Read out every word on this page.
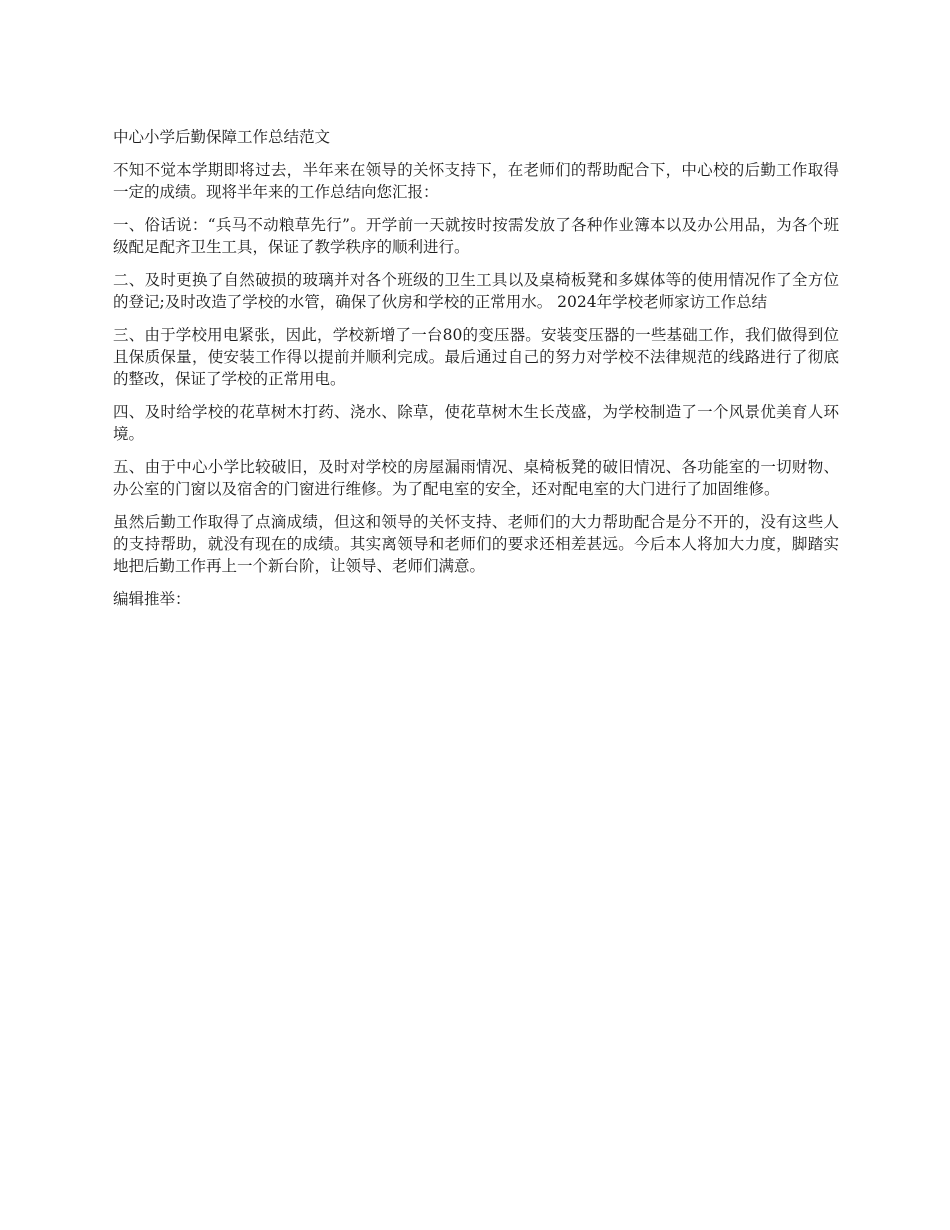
中心小学后勤保障工作总结范文

不知不觉本学期即将过去，半年来在领导的关怀支持下，在老师们的帮助配合下，中心校的后勤工作取得一定的成绩。现将半年来的工作总结向您汇报：

一、俗话说：“兵马不动粮草先行”。开学前一天就按时按需发放了各种作业簿本以及办公用品，为各个班级配足配齐卫生工具，保证了教学秩序的顺利进行。

二、及时更换了自然破损的玻璃并对各个班级的卫生工具以及桌椅板凳和多媒体等的使用情况作了全方位的登记;及时改造了学校的水管，确保了伙房和学校的正常用水。 2024年学校老师家访工作总结

三、由于学校用电紧张，因此，学校新增了一台80的变压器。安装变压器的一些基础工作，我们做得到位且保质保量，使安装工作得以提前并顺利完成。最后通过自己的努力对学校不法律规范的线路进行了彻底的整改，保证了学校的正常用电。

四、及时给学校的花草树木打药、浇水、除草，使花草树木生长茂盛，为学校制造了一个风景优美育人环境。

五、由于中心小学比较破旧，及时对学校的房屋漏雨情况、桌椅板凳的破旧情况、各功能室的一切财物、办公室的门窗以及宿舍的门窗进行维修。为了配电室的安全，还对配电室的大门进行了加固维修。

虽然后勤工作取得了点滴成绩，但这和领导的关怀支持、老师们的大力帮助配合是分不开的，没有这些人的支持帮助，就没有现在的成绩。其实离领导和老师们的要求还相差甚远。今后本人将加大力度，脚踏实地把后勤工作再上一个新台阶，让领导、老师们满意。

编辑推举：
